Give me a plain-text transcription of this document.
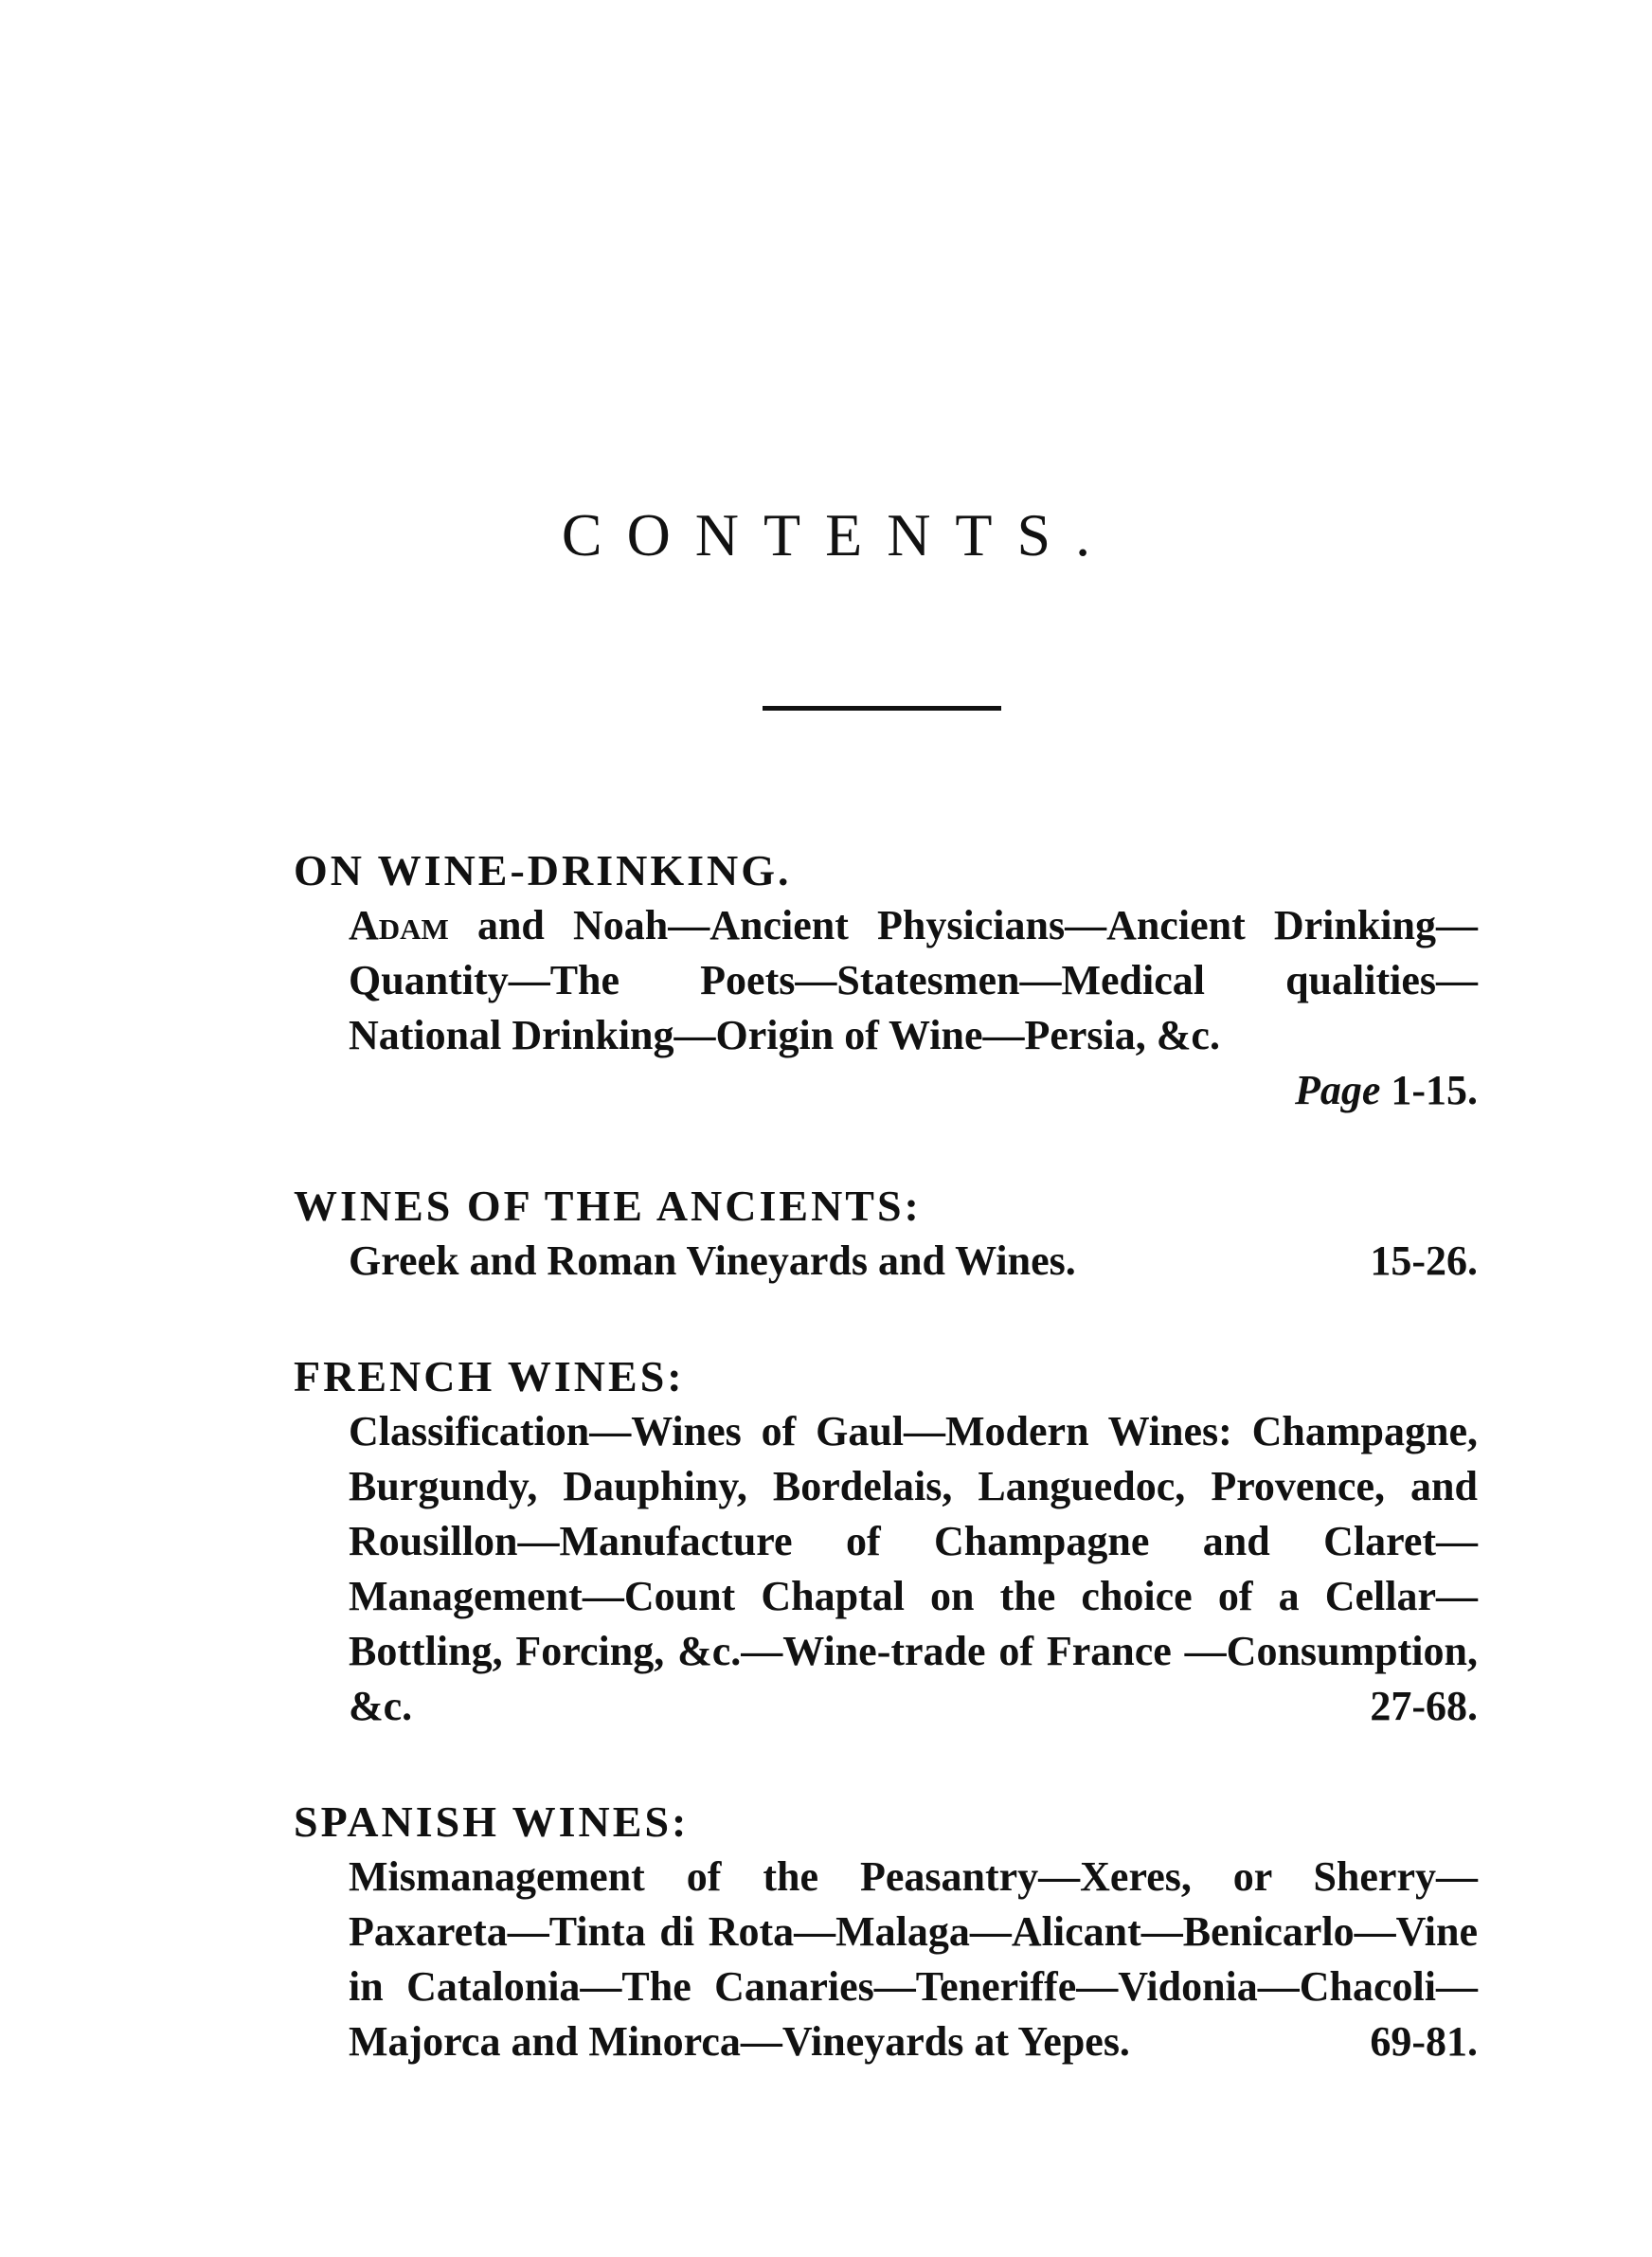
CONTENTS.

ON WINE-DRINKING.

Adam and Noah—Ancient Physicians—Ancient Drinking—Quantity—The Poets—Statesmen—Medical qualities—National Drinking—Origin of Wine—Persia, &c.
Page 1-15.

WINES OF THE ANCIENTS:

15-26.
Greek and Roman Vineyards and Wines.

FRENCH WINES:

Classification—Wines of Gaul—Modern Wines: Champagne, Burgundy, Dauphiny, Bordelais, Languedoc, Provence, and Rousillon—Manufacture of Champagne and Claret—Management—Count Chaptal on the choice of a Cellar—Bottling, Forcing, &c.—Wine-trade of France —Consumption, &c.	27-68.

SPANISH WINES:

Mismanagement of the Peasantry—Xeres, or Sherry—Paxareta—Tinta di Rota—Malaga—Alicant—Benicarlo—Vine in Catalonia—The Canaries—Teneriffe—Vidonia—Chacoli—Majorca and Minorca—Vineyards at Yepes.	69-81.
